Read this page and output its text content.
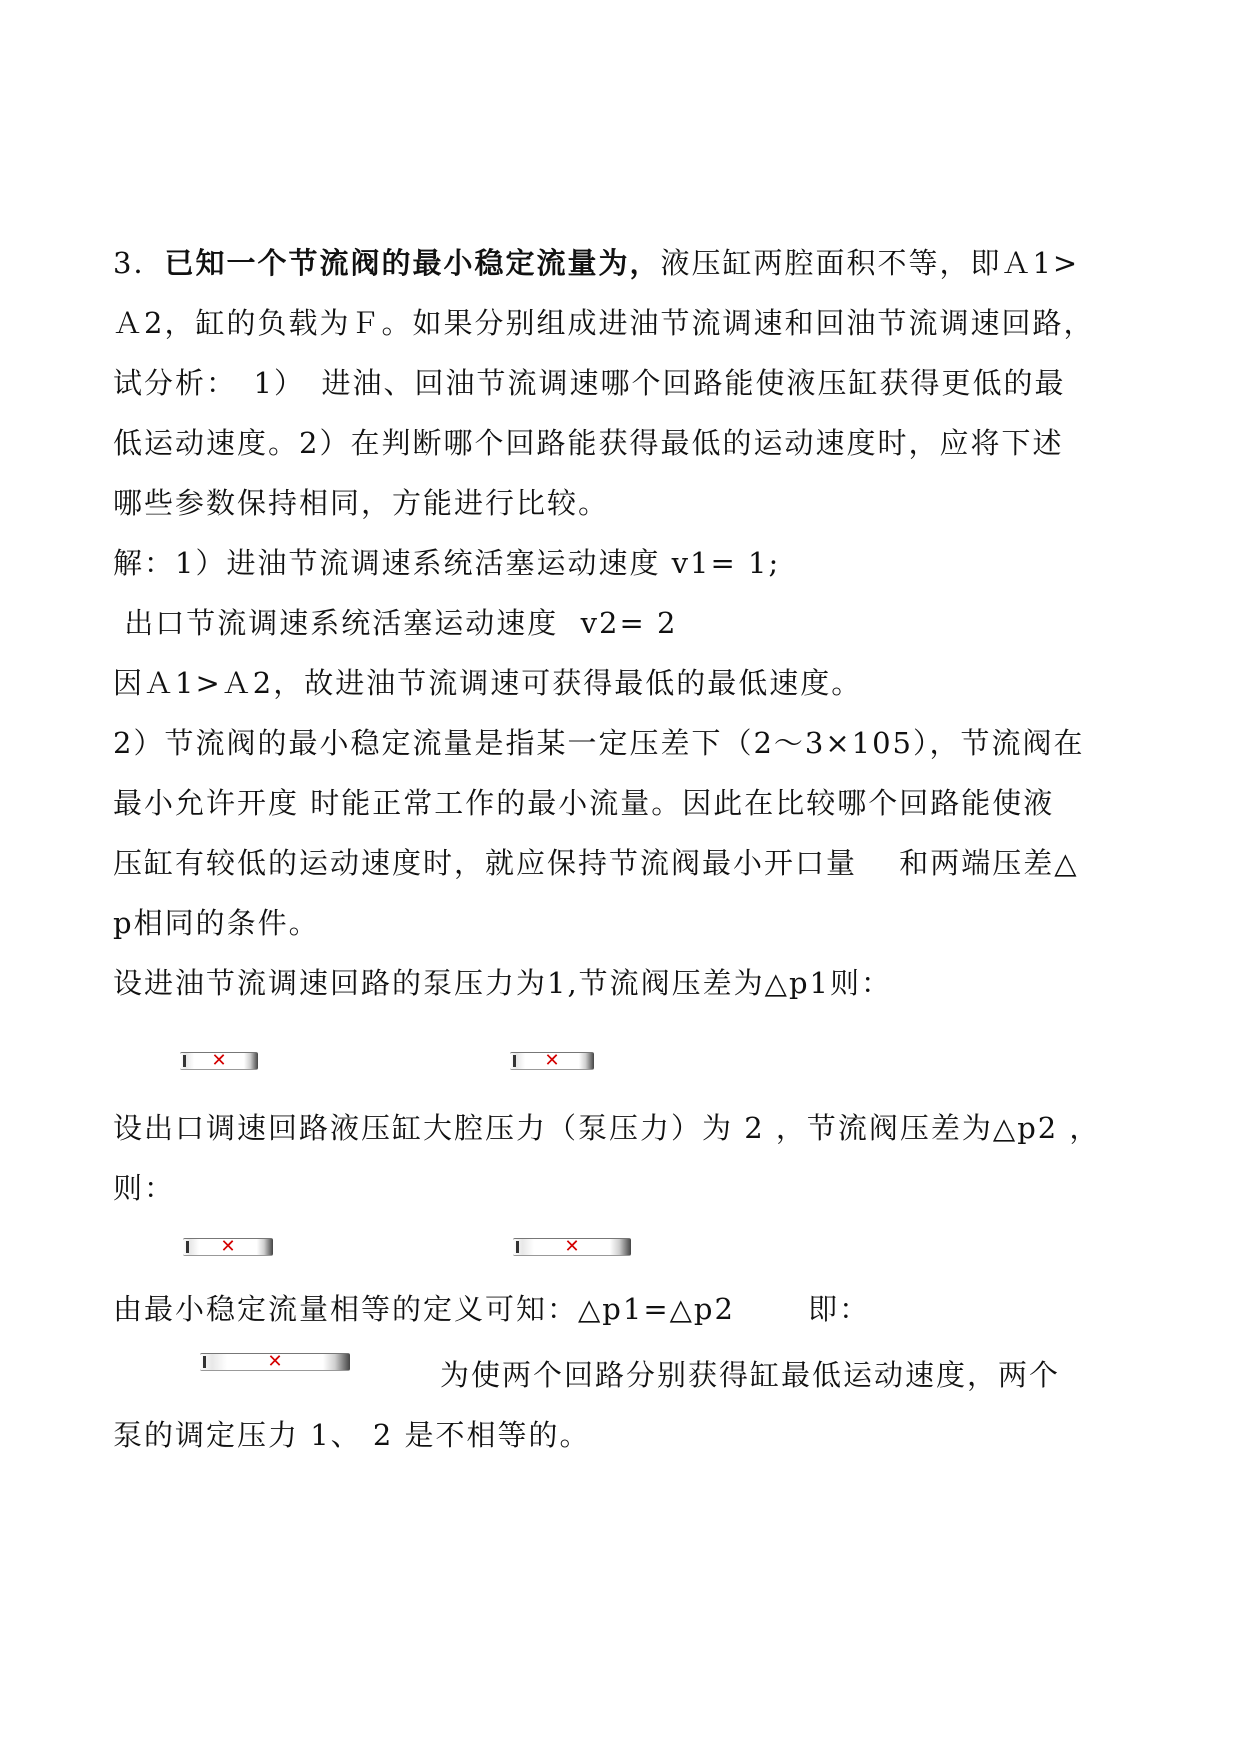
3．已知一个节流阀的最小稳定流量为，液压缸两腔面积不等，即Ａ1>
Ａ2，缸的负载为Ｆ。如果分别组成进油节流调速和回油节流调速回路，
试分析：　1）　进油、回油节流调速哪个回路能使液压缸获得更低的最
低运动速度。2）在判断哪个回路能获得最低的运动速度时，应将下述
哪些参数保持相同，方能进行比较。
解：1）进油节流调速系统活塞运动速度 v1= 1;
出口节流调速系统活塞运动速度  v2= 2
因Ａ1>Ａ2，故进油节流调速可获得最低的最低速度。
2）节流阀的最小稳定流量是指某一定压差下（2～3×105），节流阀在
最小允许开度 时能正常工作的最小流量。因此在比较哪个回路能使液
压缸有较低的运动速度时，就应保持节流阀最小开口量 　和两端压差△
p相同的条件。
设进油节流调速回路的泵压力为1,节流阀压差为△p1则：
✕	✕
设出口调速回路液压缸大腔压力（泵压力）为 2 ，节流阀压差为△p2 ，
则：
✕	✕
由最小稳定流量相等的定义可知：△p1=△p2 　　即：
✕	为使两个回路分别获得缸最低运动速度，两个
泵的调定压力 1、 2 是不相等的。
